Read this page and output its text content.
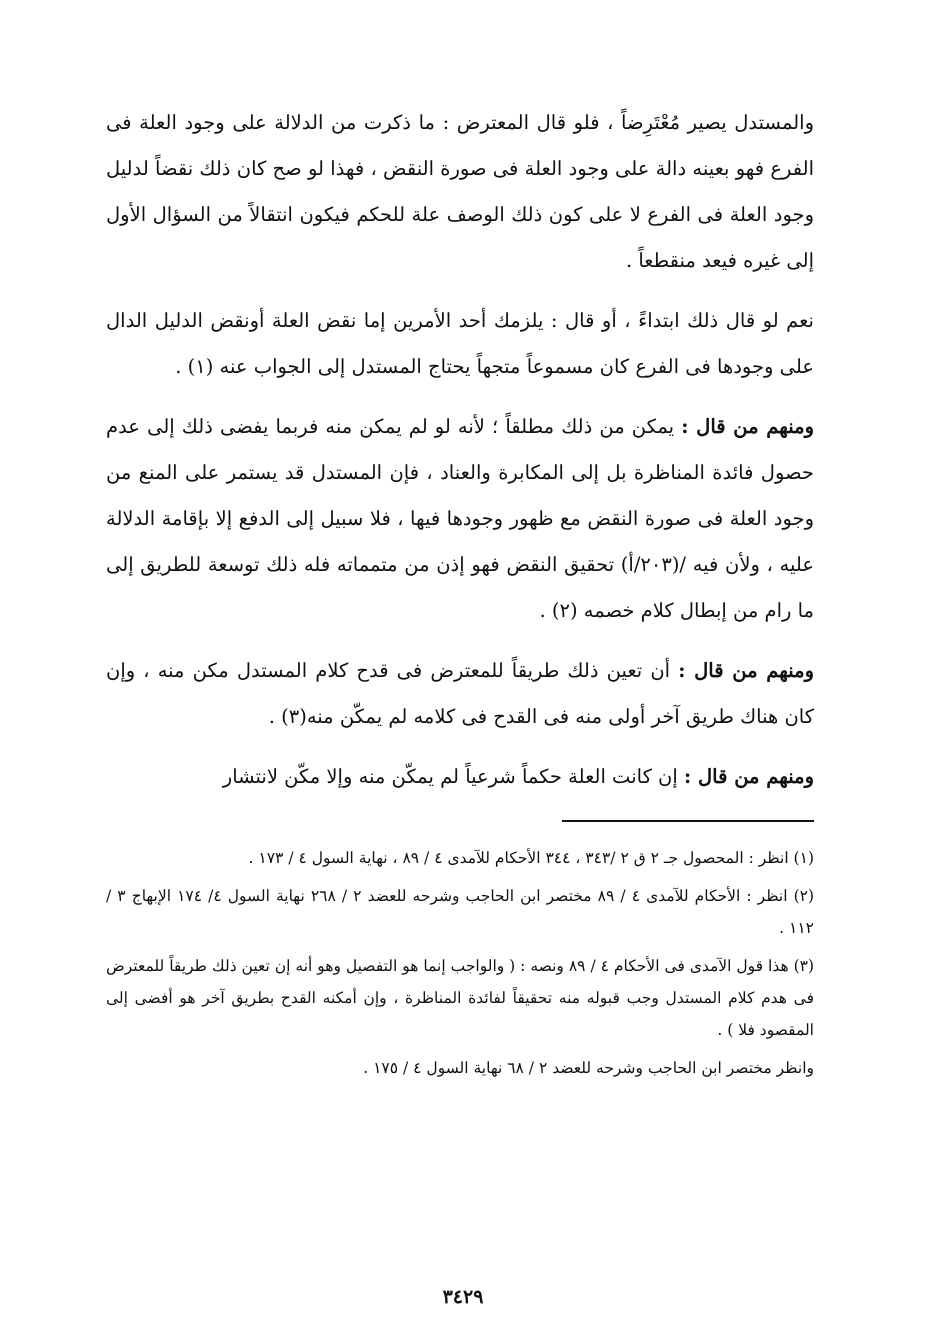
والمستدل يصير مُعْتَرِضاً ، فلو قال المعترض : ما ذكرت من الدلالة على وجود العلة فى الفرع فهو بعينه دالة على وجود العلة فى صورة النقض ، فهذا لو صح كان ذلك نقضاً لدليل وجود العلة فى الفرع لا على كون ذلك الوصف علة للحكم فيكون انتقالاً من السؤال الأول إلى غيره فيعد منقطعاً .

نعم لو قال ذلك ابتداءً ، أو قال : يلزمك أحد الأمرين إما نقض العلة أونقض الدليل الدال على وجودها فى الفرع كان مسموعاً متجهاً يحتاج المستدل إلى الجواب عنه (١) .

ومنهم من قال : يمكن من ذلك مطلقاً ؛ لأنه لو لم يمكن منه فربما يفضى ذلك إلى عدم حصول فائدة المناظرة بل إلى المكابرة والعناد ، فإن المستدل قد يستمر على المنع من وجود العلة فى صورة النقض مع ظهور وجودها فيها ، فلا سبيل إلى الدفع إلا بإقامة الدلالة عليه ، ولأن فيه /(٢٠٣/أ) تحقيق النقض فهو إذن من متمماته فله ذلك توسعة للطريق إلى ما رام من إبطال كلام خصمه (٢) .

ومنهم من قال : أن تعين ذلك طريقاً للمعترض فى قدح كلام المستدل مكن منه ، وإن كان هناك طريق آخر أولى منه فى القدح فى كلامه لم يمكّن منه(٣) .

ومنهم من قال : إن كانت العلة حكماً شرعياً لم يمكّن منه وإلا مكّن لانتشار

(١) انظر : المحصول جـ ٢ ق ٢ /٣٤٣ ، ٣٤٤ الأحكام للآمدى ٤ / ٨٩ ، نهاية السول ٤ / ١٧٣ .

(٢) انظر : الأحكام للآمدى ٤ / ٨٩ مختصر ابن الحاجب وشرحه للعضد ٢ / ٢٦٨ نهاية السول ٤/ ١٧٤ الإبهاج ٣ / ١١٢ .

(٣) هذا قول الآمدى فى الأحكام ٤ / ٨٩ ونصه : ( والواجب إنما هو التفصيل وهو أنه إن تعين ذلك طريقاً للمعترض فى هدم كلام المستدل وجب قبوله منه تحقيقاً لفائدة المناظرة ، وإن أمكنه القدح بطريق آخر هو أفضى إلى المقصود فلا ) .

وانظر مختصر ابن الحاجب وشرحه للعضد ٢ / ٦٨ نهاية السول ٤ / ١٧٥ .

٣٤٢٩
